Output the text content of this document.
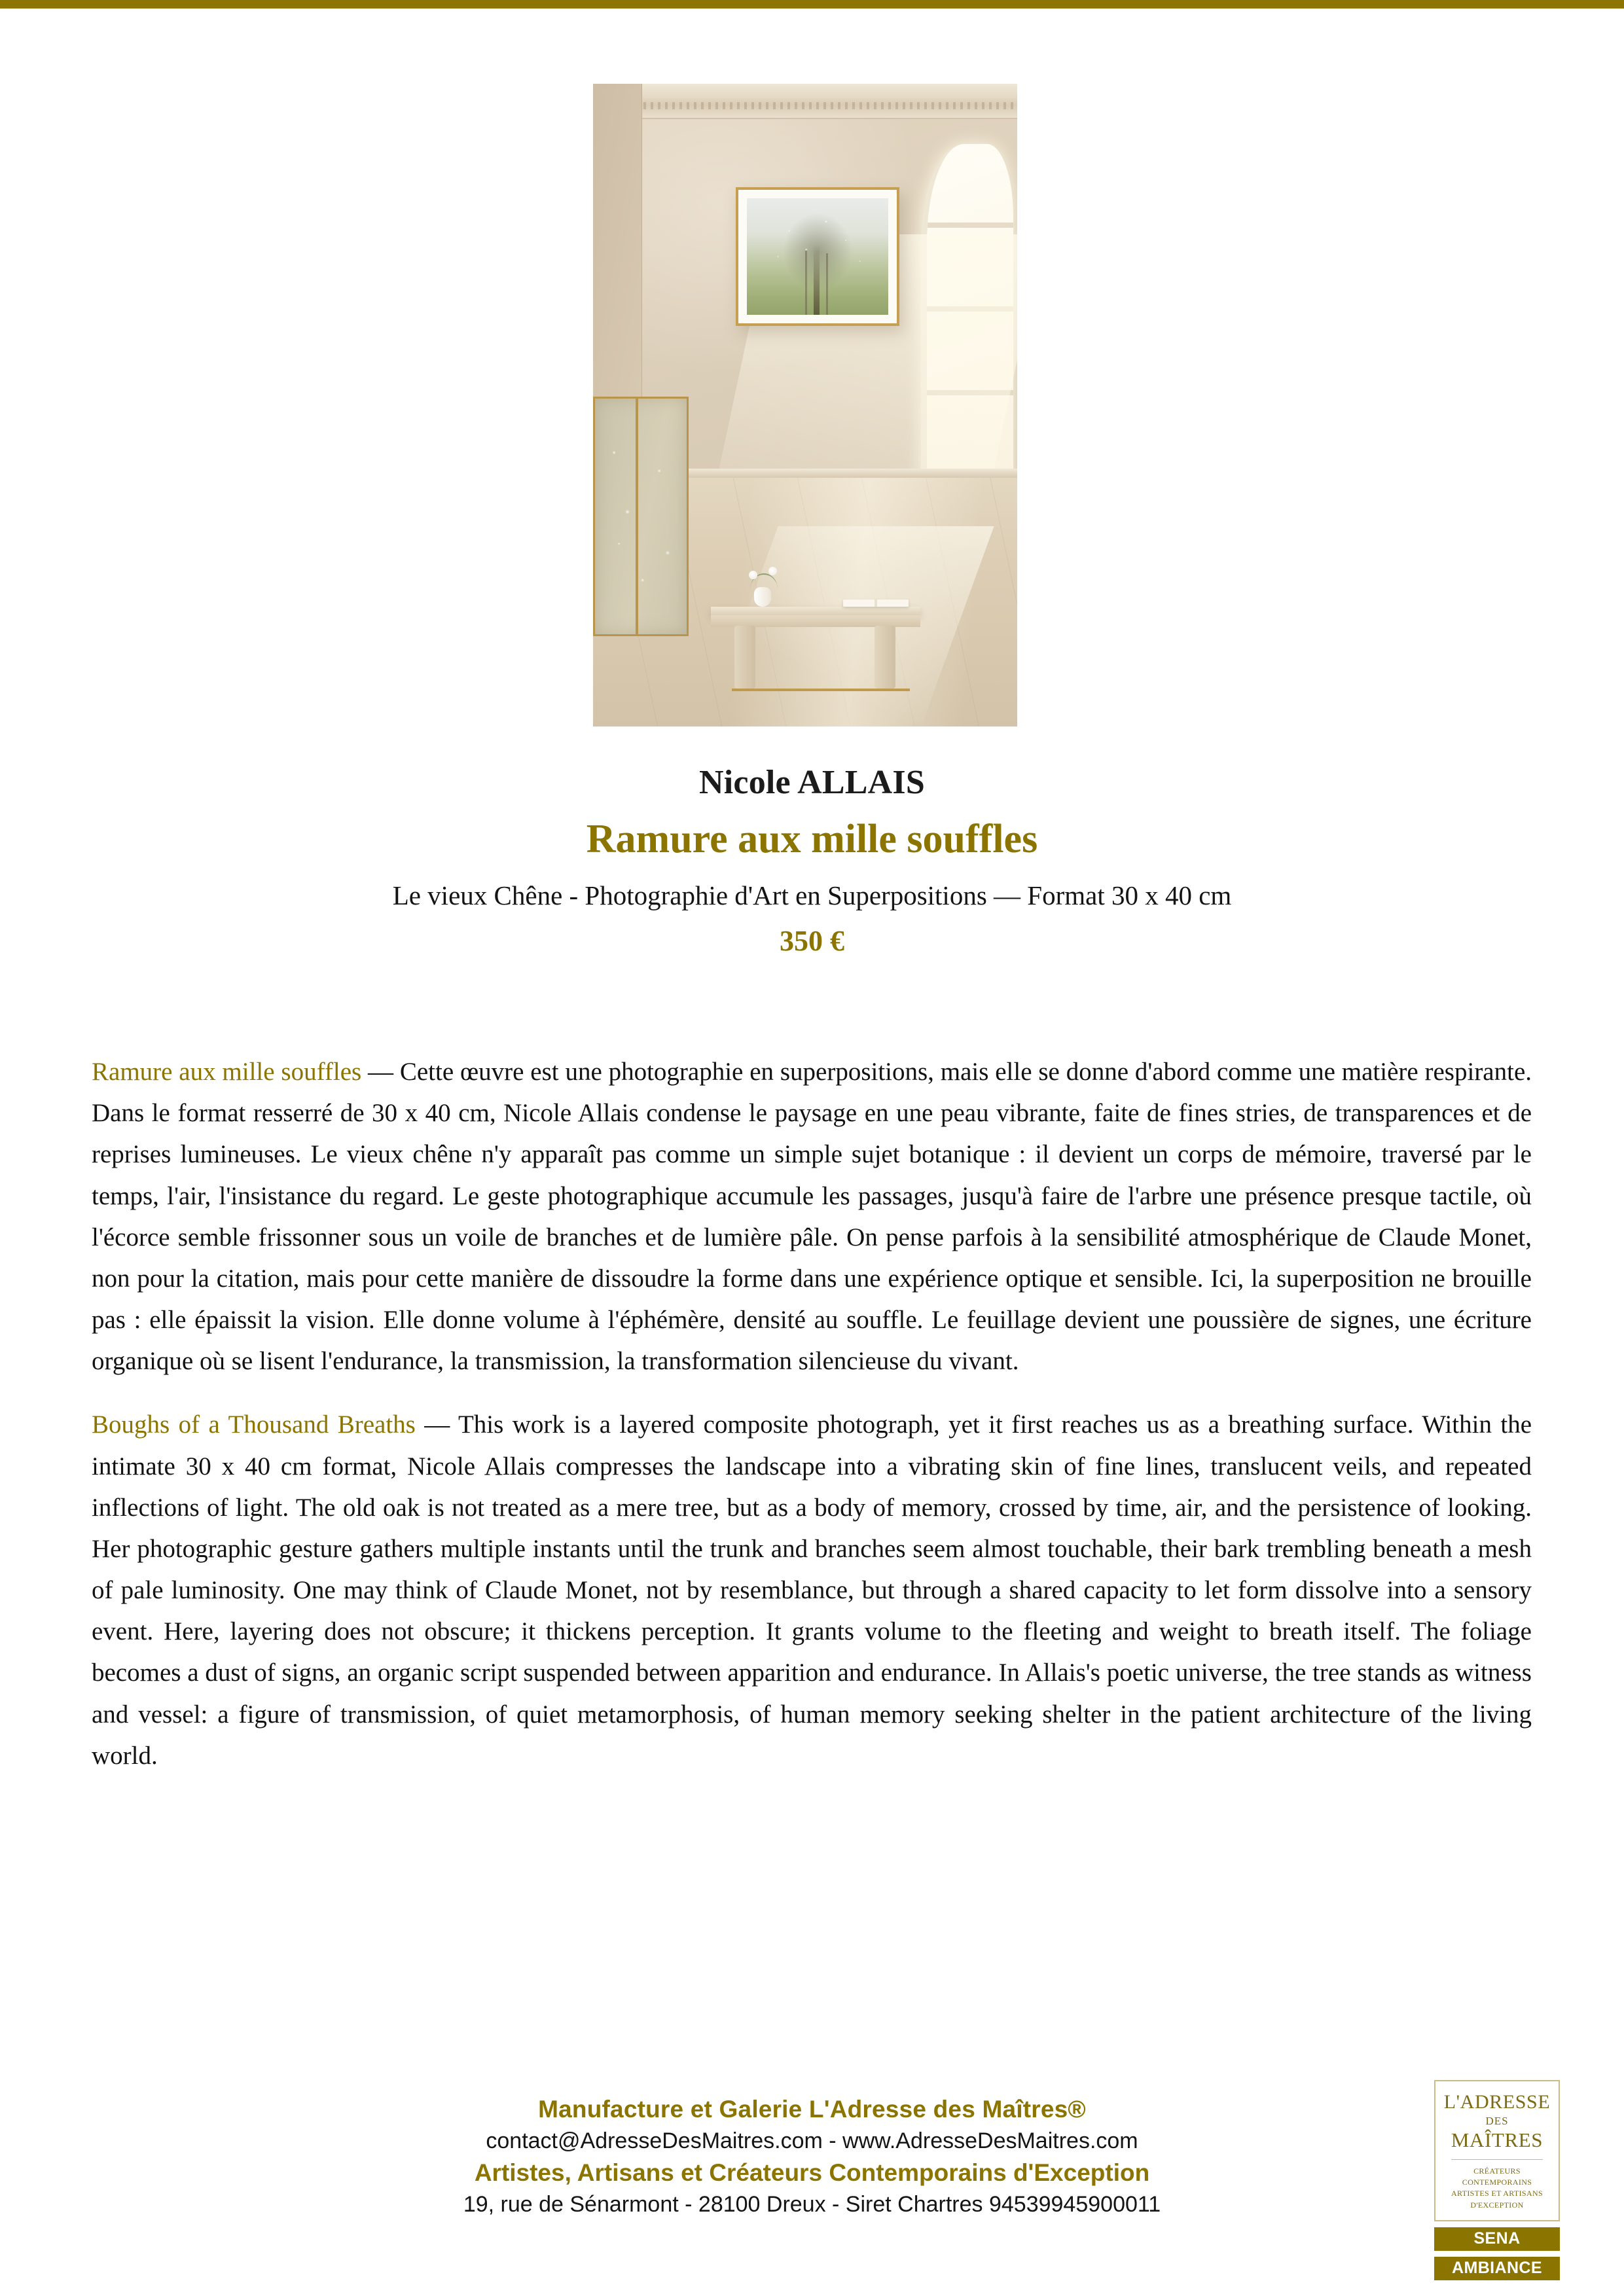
Nicole ALLAIS

Ramure aux mille souffles

Le vieux Chêne - Photographie d'Art en Superpositions — Format 30 x 40 cm

350 €

Ramure aux mille souffles — Cette œuvre est une photographie en superpositions, mais elle se donne d'abord comme une matière respirante. Dans le format resserré de 30 x 40 cm, Nicole Allais condense le paysage en une peau vibrante, faite de fines stries, de transparences et de reprises lumineuses. Le vieux chêne n'y apparaît pas comme un simple sujet botanique : il devient un corps de mémoire, traversé par le temps, l'air, l'insistance du regard. Le geste photographique accumule les passages, jusqu'à faire de l'arbre une présence presque tactile, où l'écorce semble frissonner sous un voile de branches et de lumière pâle. On pense parfois à la sensibilité atmosphérique de Claude Monet, non pour la citation, mais pour cette manière de dissoudre la forme dans une expérience optique et sensible. Ici, la superposition ne brouille pas : elle épaissit la vision. Elle donne volume à l'éphémère, densité au souffle. Le feuillage devient une poussière de signes, une écriture organique où se lisent l'endurance, la transmission, la transformation silencieuse du vivant.

Boughs of a Thousand Breaths — This work is a layered composite photograph, yet it first reaches us as a breathing surface. Within the intimate 30 x 40 cm format, Nicole Allais compresses the landscape into a vibrating skin of fine lines, translucent veils, and repeated inflections of light. The old oak is not treated as a mere tree, but as a body of memory, crossed by time, air, and the persistence of looking. Her photographic gesture gathers multiple instants until the trunk and branches seem almost touchable, their bark trembling beneath a mesh of pale luminosity. One may think of Claude Monet, not by resemblance, but through a shared capacity to let form dissolve into a sensory event. Here, layering does not obscure; it thickens perception. It grants volume to the fleeting and weight to breath itself. The foliage becomes a dust of signs, an organic script suspended between apparition and endurance. In Allais's poetic universe, the tree stands as witness and vessel: a figure of transmission, of quiet metamorphosis, of human memory seeking shelter in the patient architecture of the living world.

Manufacture et Galerie L'Adresse des Maîtres®

contact@AdresseDesMaitres.com - www.AdresseDesMaitres.com

Artistes, Artisans et Créateurs Contemporains d'Exception

19, rue de Sénarmont - 28100 Dreux - Siret Chartres 94539945900011

L'ADRESSE
DES
MAÎTRES
CRÉATEURS CONTEMPORAINS
ARTISTES ET ARTISANS
D'EXCEPTION
SENA
AMBIANCE
